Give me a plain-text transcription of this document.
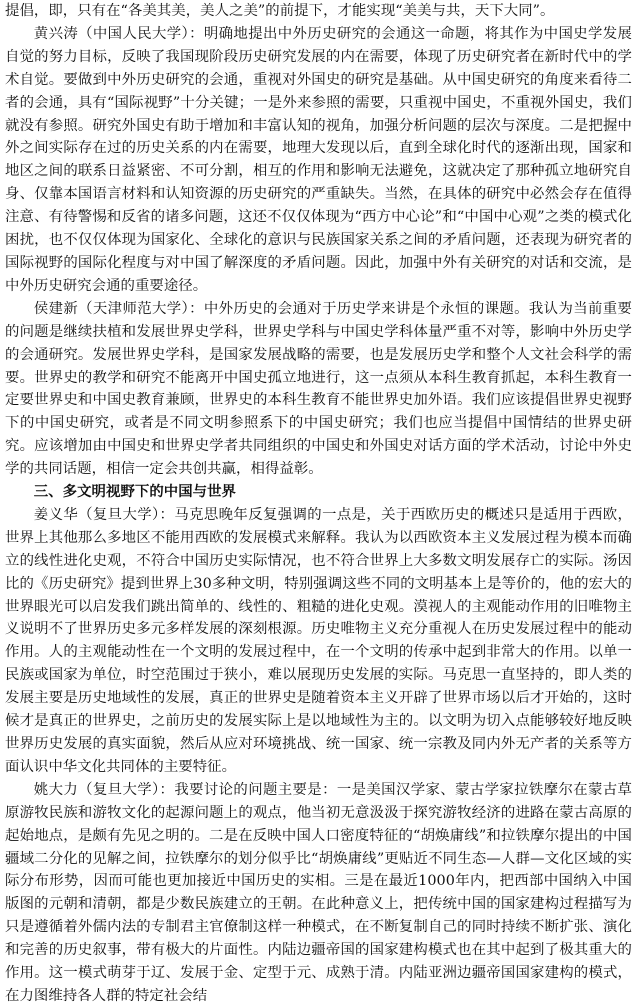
提倡，即，只有在“各美其美，美人之美”的前提下，才能实现“美美与共，天下大同”。

黄兴涛（中国人民大学）：明确地提出中外历史研究的会通这一命题，将其作为中国史学发展自觉的努力目标，反映了我国现阶段历史研究发展的内在需要，体现了历史研究者在新时代中的学术自觉。要做到中外历史研究的会通，重视对外国史的研究是基础。从中国史研究的角度来看待二者的会通，具有“国际视野”十分关键；一是外来参照的需要，只重视中国史，不重视外国史，我们就没有参照。研究外国史有助于增加和丰富认知的视角，加强分析问题的层次与深度。二是把握中外之间实际存在过的历史关系的内在需要，地理大发现以后，直到全球化时代的逐渐出现，国家和地区之间的联系日益紧密、不可分割，相互的作用和影响无法避免，这就决定了那种孤立地研究自身、仅靠本国语言材料和认知资源的历史研究的严重缺失。当然，在具体的研究中必然会存在值得注意、有待警惕和反省的诸多问题，这还不仅仅体现为“西方中心论”和“中国中心观”之类的模式化困扰，也不仅仅体现为国家化、全球化的意识与民族国家关系之间的矛盾问题，还表现为研究者的国际视野的国际化程度与对中国了解深度的矛盾问题。因此，加强中外有关研究的对话和交流，是中外历史研究会通的重要途径。

侯建新（天津师范大学）：中外历史的会通对于历史学来讲是个永恒的课题。我认为当前重要的问题是继续扶植和发展世界史学科，世界史学科与中国史学科体量严重不对等，影响中外历史学的会通研究。发展世界史学科，是国家发展战略的需要，也是发展历史学和整个人文社会科学的需要。世界史的教学和研究不能离开中国史孤立地进行，这一点须从本科生教育抓起，本科生教育一定要世界史和中国史教育兼顾，世界史的本科生教育不能世界史加外语。我们应该提倡世界史视野下的中国史研究，或者是不同文明参照系下的中国史研究；我们也应当提倡中国情结的世界史研究。应该增加由中国史和世界史学者共同组织的中国史和外国史对话方面的学术活动，讨论中外史学的共同话题，相信一定会共创共赢，相得益彰。

三、多文明视野下的中国与世界

姜义华（复旦大学）：马克思晚年反复强调的一点是，关于西欧历史的概述只是适用于西欧，世界上其他那么多地区不能用西欧的发展模式来解释。我认为以西欧资本主义发展过程为模本而确立的线性进化史观，不符合中国历史实际情况，也不符合世界上大多数文明发展存亡的实际。汤因比的《历史研究》提到世界上30多种文明，特别强调这些不同的文明基本上是等价的，他的宏大的世界眼光可以启发我们跳出简单的、线性的、粗糙的进化史观。漠视人的主观能动作用的旧唯物主义说明不了世界历史多元多样发展的深刻根源。历史唯物主义充分重视人在历史发展过程中的能动作用。人的主观能动性在一个文明的发展过程中，在一个文明的传承中起到非常大的作用。以单一民族或国家为单位，时空范围过于狭小，难以展现历史发展的实际。马克思一直坚持的，即人类的发展主要是历史地域性的发展，真正的世界史是随着资本主义开辟了世界市场以后才开始的，这时候才是真正的世界史，之前历史的发展实际上是以地域性为主的。以文明为切入点能够较好地反映世界历史发展的真实面貌，然后从应对环境挑战、统一国家、统一宗教及同内外无产者的关系等方面认识中华文化共同体的主要特征。

姚大力（复旦大学）：我要讨论的问题主要是：一是美国汉学家、蒙古学家拉铁摩尔在蒙古草原游牧民族和游牧文化的起源问题上的观点，他当初无意汲汲于探究游牧经济的进路在蒙古高原的起始地点，是颇有先见之明的。二是在反映中国人口密度特征的“胡焕庸线”和拉铁摩尔提出的中国疆域二分化的见解之间，拉铁摩尔的划分似乎比“胡焕庸线”更贴近不同生态—人群—文化区域的实际分布形势，因而可能也更加接近中国历史的实相。三是在最近1000年内，把西部中国纳入中国版图的元朝和清朝，都是少数民族建立的王朝。在此种意义上，把传统中国的国家建构过程描写为只是遵循着外儒内法的专制君主官僚制这样一种模式，在不断复制自己的同时持续不断扩张、演化和完善的历史叙事，带有极大的片面性。内陆边疆帝国的国家建构模式也在其中起到了极其重大的作用。这一模式萌芽于辽、发展于金、定型于元、成熟于清。内陆亚洲边疆帝国国家建构的模式，在力图维持各人群的特定社会结
